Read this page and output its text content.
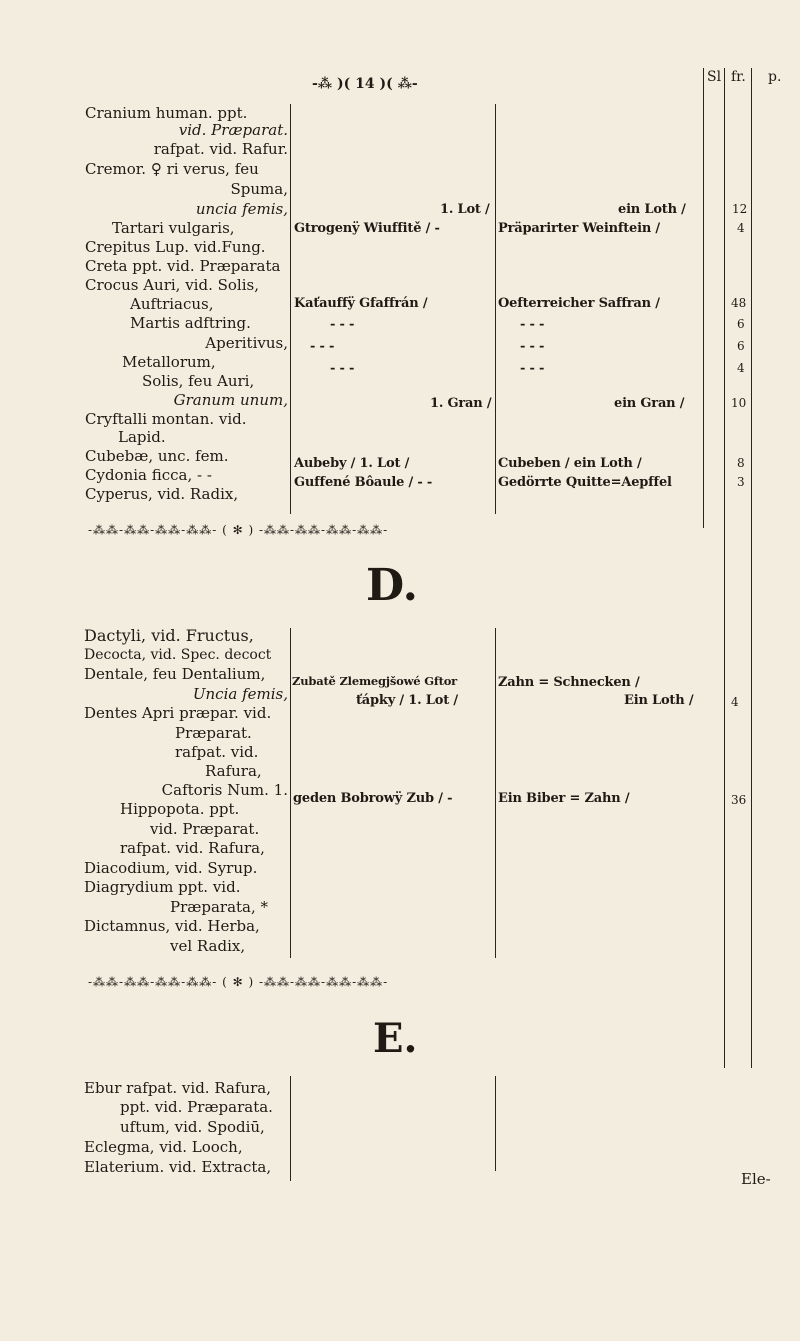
-⁂ )( 14 )( ⁂-	Sl fr. p.
Cranium human. ppt.
vid. Præparat.
rafpat. vid. Rafur.
Cremor. ♀ ri verus, feu
Spuma,
uncia femis,
Tartari vulgaris,
Crepitus Lup. vid.Fung.
Creta ppt. vid. Præparata
Crocus Auri, vid. Solis,
Auftriacus,
Martis adftring.
Aperitivus,
Metallorum,
Solis, feu Auri,
Granum unum,
Cryftalli montan. vid.
Lapid.
Cubebæ, unc. fem.
Cydonia ficca, - -
Cyperus, vid. Radix,
1. Lot /
Gtrogenÿ Wiuffitě / -
Kaťauffÿ Gfaffrán /
- - -
- - -
- - -
1. Gran /
Aubeby / 1. Lot /
Guffené Bôaule / - -
ein Loth /
Präparirter Weinftein /
Oefterreicher Saffran /
- - -
- - -
- - -
ein Gran /
Cubeben / ein Loth /
Gedörrte Quitte=Aepffel
12
4
48
6
6
4
10
8
3
-⁂⁂-⁂⁂-⁂⁂-⁂⁂- ( ✻ ) -⁂⁂-⁂⁂-⁂⁂-⁂⁂-
D.
Dactyli, vid. Fructus,
Decocta, vid. Spec. decoct
Dentale, feu Dentalium,
Uncia femis,
Dentes Apri præpar. vid.
Præparat.
rafpat. vid.
Rafura,
Caftoris Num. 1.
Hippopota. ppt.
vid. Præparat.
rafpat. vid. Rafura,
Diacodium, vid. Syrup.
Diagrydium ppt. vid.
Præparata, *
Dictamnus, vid. Herba,
vel Radix,
Zubatě Zlemegjšowé Gftor
ťápky / 1. Lot /
geden Bobrowÿ Zub / -
Zahn = Schnecken /
Ein Loth /
Ein Biber = Zahn /
4
36
-⁂⁂-⁂⁂-⁂⁂-⁂⁂- ( ✻ ) -⁂⁂-⁂⁂-⁂⁂-⁂⁂-
E.
Ebur rafpat. vid. Rafura,
ppt. vid. Præparata.
uftum, vid. Spodiū,
Eclegma, vid. Looch,
Elaterium. vid. Extracta,
Ele-
